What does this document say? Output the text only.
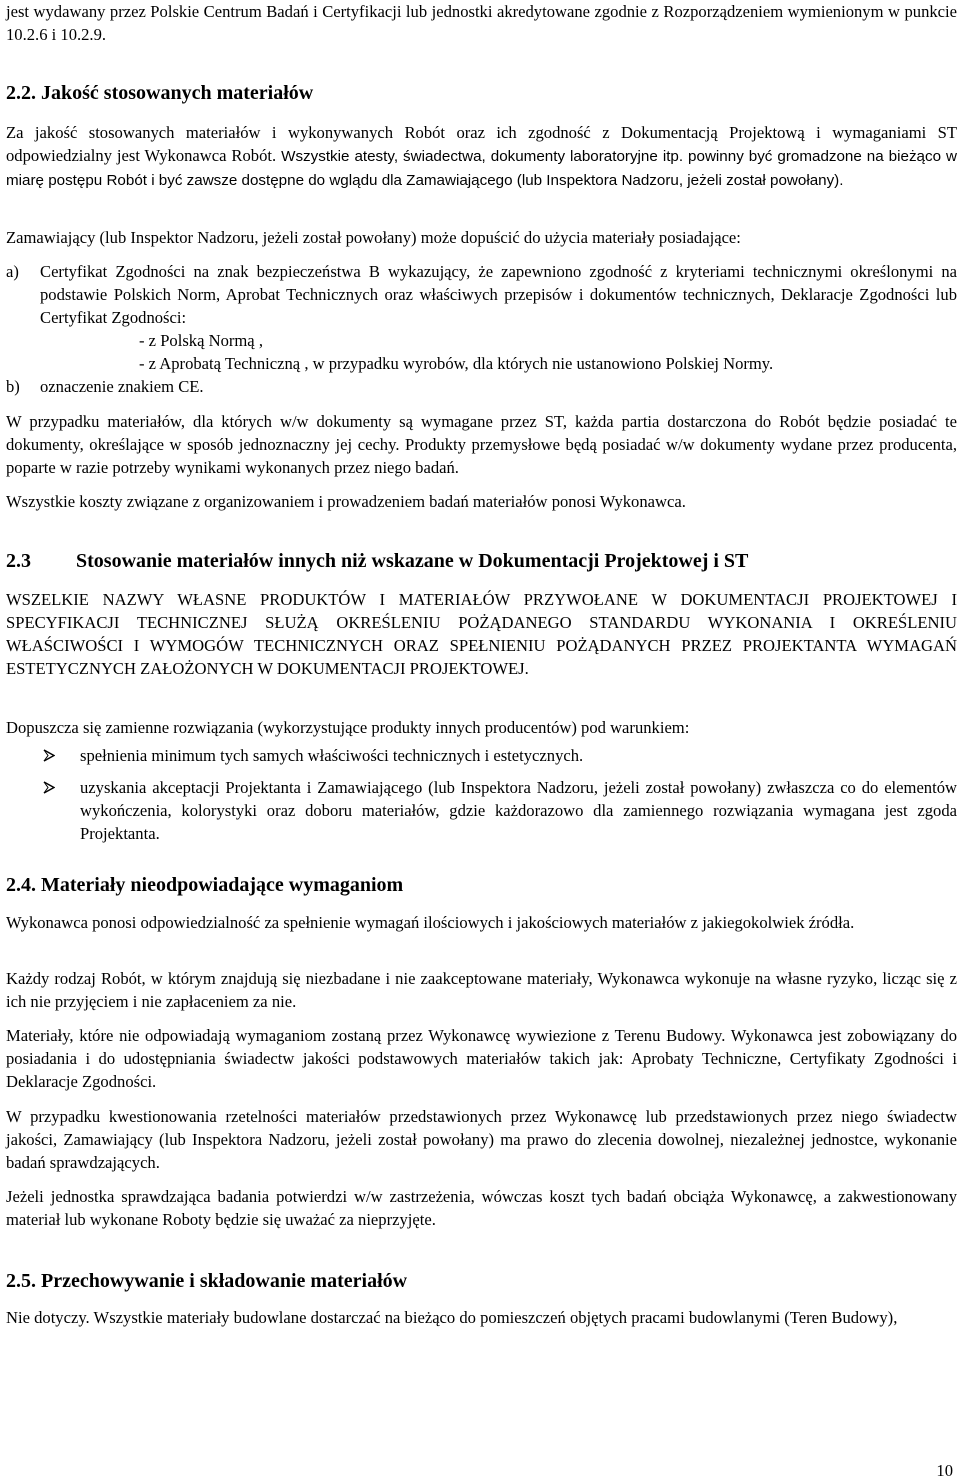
jest wydawany przez Polskie Centrum Badań i Certyfikacji lub jednostki akredytowane zgodnie z Rozporządzeniem wymienionym w punkcie 10.2.6 i 10.2.9.

2.2. Jakość stosowanych materiałów

Za jakość stosowanych materiałów i wykonywanych Robót oraz ich zgodność z Dokumentacją Projektową i wymaganiami ST odpowiedzialny jest Wykonawca Robót. Wszystkie atesty, świadectwa, dokumenty laboratoryjne itp. powinny być gromadzone na bieżąco w miarę postępu Robót i być zawsze dostępne do wglądu dla Zamawiającego (lub Inspektora Nadzoru, jeżeli został powołany).

Zamawiający (lub Inspektor Nadzoru, jeżeli został powołany) może dopuścić do użycia materiały posiadające:

a)	Certyfikat Zgodności na znak bezpieczeństwa B wykazujący, że zapewniono zgodność z kryteriami technicznymi określonymi na podstawie Polskich Norm, Aprobat Technicznych oraz właściwych przepisów i dokumentów technicznych, Deklaracje Zgodności lub Certyfikat Zgodności:
- z Polską Normą ,
- z Aprobatą Techniczną , w przypadku wyrobów, dla których nie ustanowiono Polskiej Normy.
b)	oznaczenie znakiem CE.

W przypadku materiałów, dla których w/w dokumenty są wymagane przez ST, każda partia dostarczona do Robót będzie posiadać te dokumenty, określające w sposób jednoznaczny jej cechy. Produkty przemysłowe będą posiadać w/w dokumenty wydane przez producenta, poparte w razie potrzeby wynikami wykonanych przez niego badań.

Wszystkie koszty związane z organizowaniem i prowadzeniem badań materiałów ponosi Wykonawca.

2.3	Stosowanie materiałów innych niż wskazane w Dokumentacji Projektowej i ST

WSZELKIE NAZWY WŁASNE PRODUKTÓW I MATERIAŁÓW PRZYWOŁANE W DOKUMENTACJI PROJEKTOWEJ I SPECYFIKACJI TECHNICZNEJ SŁUŻĄ OKREŚLENIU POŻĄDANEGO STANDARDU WYKONANIA I OKREŚLENIU WŁAŚCIWOŚCI I WYMOGÓW TECHNICZNYCH ORAZ SPEŁNIENIU POŻĄDANYCH PRZEZ PROJEKTANTA WYMAGAŃ ESTETYCZNYCH ZAŁOŻONYCH W DOKUMENTACJI PROJEKTOWEJ.

Dopuszcza się zamienne rozwiązania (wykorzystujące produkty innych producentów) pod warunkiem:

spełnienia minimum tych samych właściwości technicznych i estetycznych.
uzyskania akceptacji Projektanta i Zamawiającego (lub Inspektora Nadzoru, jeżeli został powołany) zwłaszcza co do elementów wykończenia, kolorystyki oraz doboru materiałów, gdzie każdorazowo dla zamiennego rozwiązania wymagana jest zgoda Projektanta.
2.4. Materiały nieodpowiadające wymaganiom

Wykonawca ponosi odpowiedzialność za spełnienie wymagań ilościowych i jakościowych materiałów z jakiegokolwiek źródła.

Każdy rodzaj Robót, w którym znajdują się niezbadane i nie zaakceptowane materiały, Wykonawca wykonuje na własne ryzyko, licząc się z ich nie przyjęciem i nie zapłaceniem za nie.

Materiały, które nie odpowiadają wymaganiom zostaną przez Wykonawcę wywiezione z Terenu Budowy. Wykonawca jest zobowiązany do posiadania i do udostępniania świadectw jakości podstawowych materiałów takich jak: Aprobaty Techniczne, Certyfikaty Zgodności i Deklaracje Zgodności.

W przypadku kwestionowania rzetelności materiałów przedstawionych przez Wykonawcę lub przedstawionych przez niego świadectw jakości, Zamawiający (lub Inspektora Nadzoru, jeżeli został powołany) ma prawo do zlecenia dowolnej, niezależnej jednostce, wykonanie badań sprawdzających.

Jeżeli jednostka sprawdzająca badania potwierdzi w/w zastrzeżenia, wówczas koszt tych badań obciąża Wykonawcę, a zakwestionowany materiał lub wykonane Roboty będzie się uważać za nieprzyjęte.

2.5. Przechowywanie i składowanie materiałów

Nie dotyczy. Wszystkie materiały budowlane dostarczać na bieżąco do pomieszczeń objętych pracami budowlanymi (Teren Budowy),

10
